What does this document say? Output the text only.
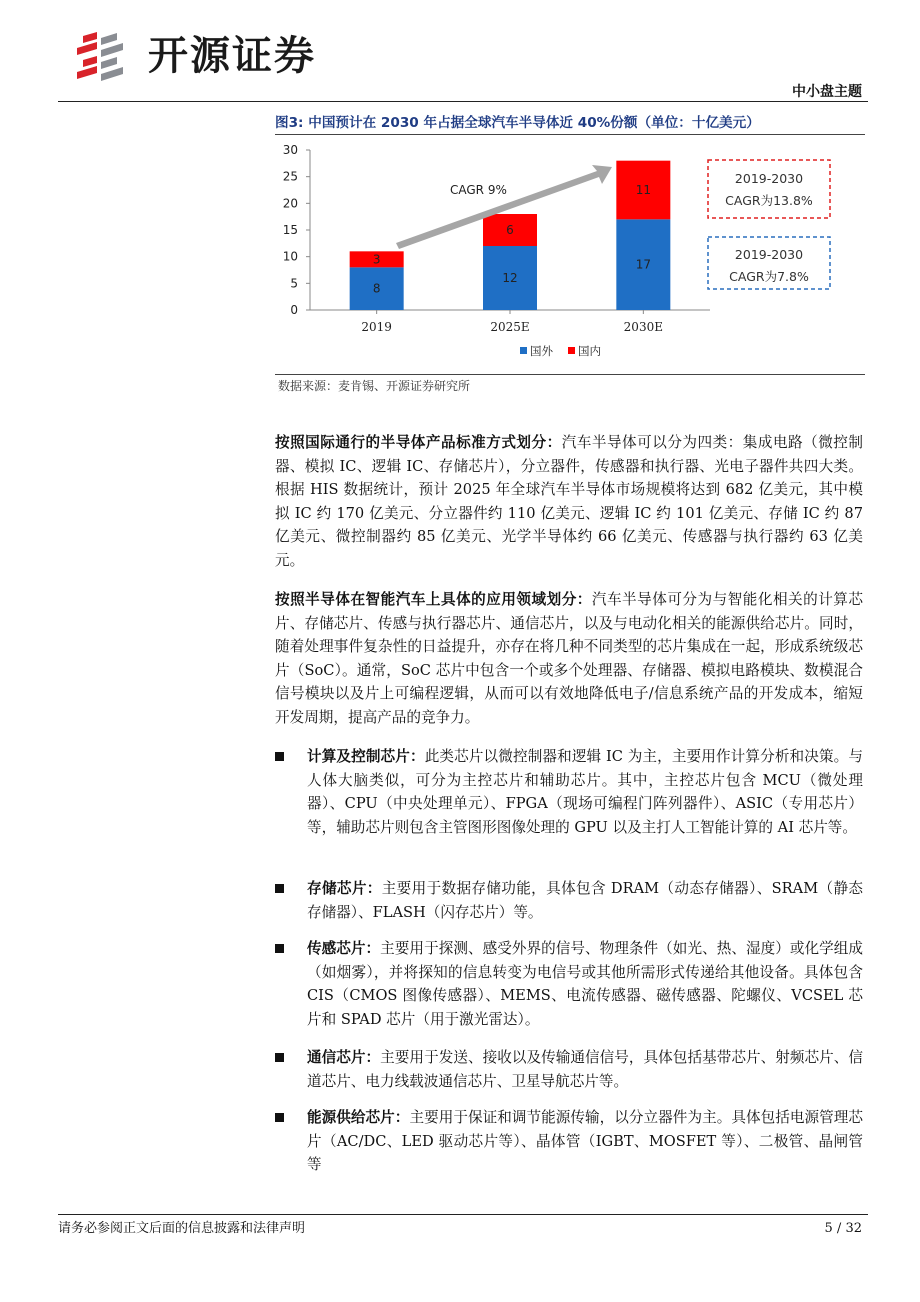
开源证券
中小盘主题
图3: 中国预计在 2030 年占据全球汽车半导体近 40%份额（单位：十亿美元）
0
5
10
15
20
25
30
8
3
2019
12
6
2025E
17
11
2030E
CAGR 9%
2019-2030
CAGR为13.8%
2019-2030
CAGR为7.8%
国外 国内
数据来源：麦肯锡、开源证券研究所
按照国际通行的半导体产品标准方式划分：汽车半导体可以分为四类：集成电路（微控制器、模拟 IC、逻辑 IC、存储芯片），分立器件，传感器和执行器、光电子器件共四大类。根据 HIS 数据统计，预计 2025 年全球汽车半导体市场规模将达到 682 亿美元，其中模拟 IC 约 170 亿美元、分立器件约 110 亿美元、逻辑 IC 约 101 亿美元、存储 IC 约 87 亿美元、微控制器约 85 亿美元、光学半导体约 66 亿美元、传感器与执行器约 63 亿美元。
按照半导体在智能汽车上具体的应用领域划分：汽车半导体可分为与智能化相关的计算芯片、存储芯片、传感与执行器芯片、通信芯片，以及与电动化相关的能源供给芯片。同时，随着处理事件复杂性的日益提升，亦存在将几种不同类型的芯片集成在一起，形成系统级芯片（SoC）。通常，SoC 芯片中包含一个或多个处理器、存储器、模拟电路模块、数模混合信号模块以及片上可编程逻辑，从而可以有效地降低电子/信息系统产品的开发成本，缩短开发周期，提高产品的竞争力。
计算及控制芯片：此类芯片以微控制器和逻辑 IC 为主，主要用作计算分析和决策。与人体大脑类似，可分为主控芯片和辅助芯片。其中，主控芯片包含 MCU（微处理器）、CPU（中央处理单元）、FPGA（现场可编程门阵列器件）、ASIC（专用芯片）等，辅助芯片则包含主管图形图像处理的 GPU 以及主打人工智能计算的 AI 芯片等。
存储芯片：主要用于数据存储功能，具体包含 DRAM（动态存储器）、SRAM（静态存储器）、FLASH（闪存芯片）等。
传感芯片：主要用于探测、感受外界的信号、物理条件（如光、热、湿度）或化学组成（如烟雾），并将探知的信息转变为电信号或其他所需形式传递给其他设备。具体包含 CIS（CMOS 图像传感器）、MEMS、电流传感器、磁传感器、陀螺仪、VCSEL 芯片和 SPAD 芯片（用于激光雷达）。
通信芯片：主要用于发送、接收以及传输通信信号，具体包括基带芯片、射频芯片、信道芯片、电力线载波通信芯片、卫星导航芯片等。
能源供给芯片：主要用于保证和调节能源传输，以分立器件为主。具体包括电源管理芯片（AC/DC、LED 驱动芯片等）、晶体管（IGBT、MOSFET 等）、二极管、晶闸管等
请务必参阅正文后面的信息披露和法律声明	5 / 32
